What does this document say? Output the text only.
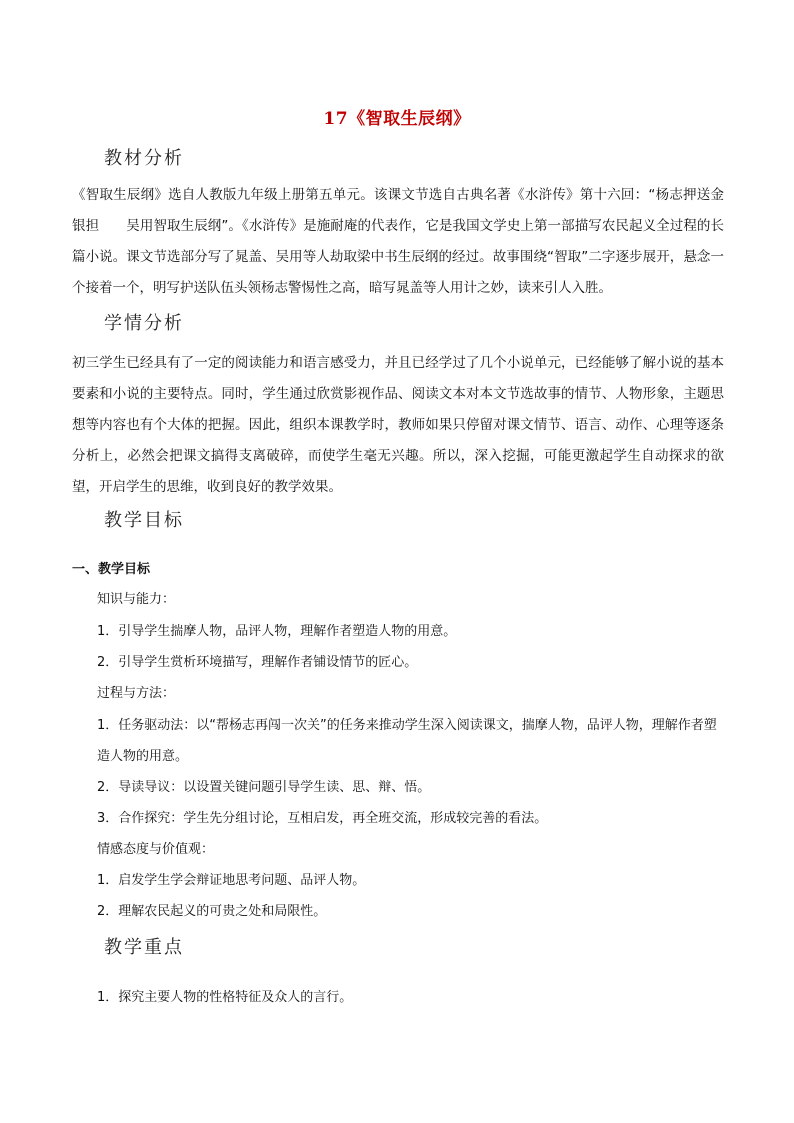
17《智取生辰纲》
教材分析

《智取生辰纲》选自人教版九年级上册第五单元。该课文节选自古典名著《水浒传》第十六回：“杨志押送金银担　　吴用智取生辰纲”。《水浒传》是施耐庵的代表作，它是我国文学史上第一部描写农民起义全过程的长篇小说。课文节选部分写了晁盖、吴用等人劫取梁中书生辰纲的经过。故事围绕“智取”二字逐步展开，悬念一个接着一个，明写护送队伍头领杨志警惕性之高，暗写晁盖等人用计之妙，读来引人入胜。

学情分析

初三学生已经具有了一定的阅读能力和语言感受力，并且已经学过了几个小说单元，已经能够了解小说的基本要素和小说的主要特点。同时，学生通过欣赏影视作品、阅读文本对本文节选故事的情节、人物形象，主题思想等内容也有个大体的把握。因此，组织本课教学时，教师如果只停留对课文情节、语言、动作、心理等逐条分析上，必然会把课文搞得支离破碎，而使学生毫无兴趣。所以，深入挖掘，可能更激起学生自动探求的欲望，开启学生的思维，收到良好的教学效果。

教学目标
一、教学目标
知识与能力：
1．引导学生揣摩人物，品评人物，理解作者塑造人物的用意。
2．引导学生赏析环境描写，理解作者铺设情节的匠心。
过程与方法：
1．任务驱动法：以“帮杨志再闯一次关”的任务来推动学生深入阅读课文，揣摩人物，品评人物，理解作者塑造人物的用意。
2．导读导议：以设置关键问题引导学生读、思、辩、悟。
3．合作探究：学生先分组讨论，互相启发，再全班交流，形成较完善的看法。
情感态度与价值观：
1．启发学生学会辩证地思考问题、品评人物。
2．理解农民起义的可贵之处和局限性。
教学重点
1．探究主要人物的性格特征及众人的言行。
